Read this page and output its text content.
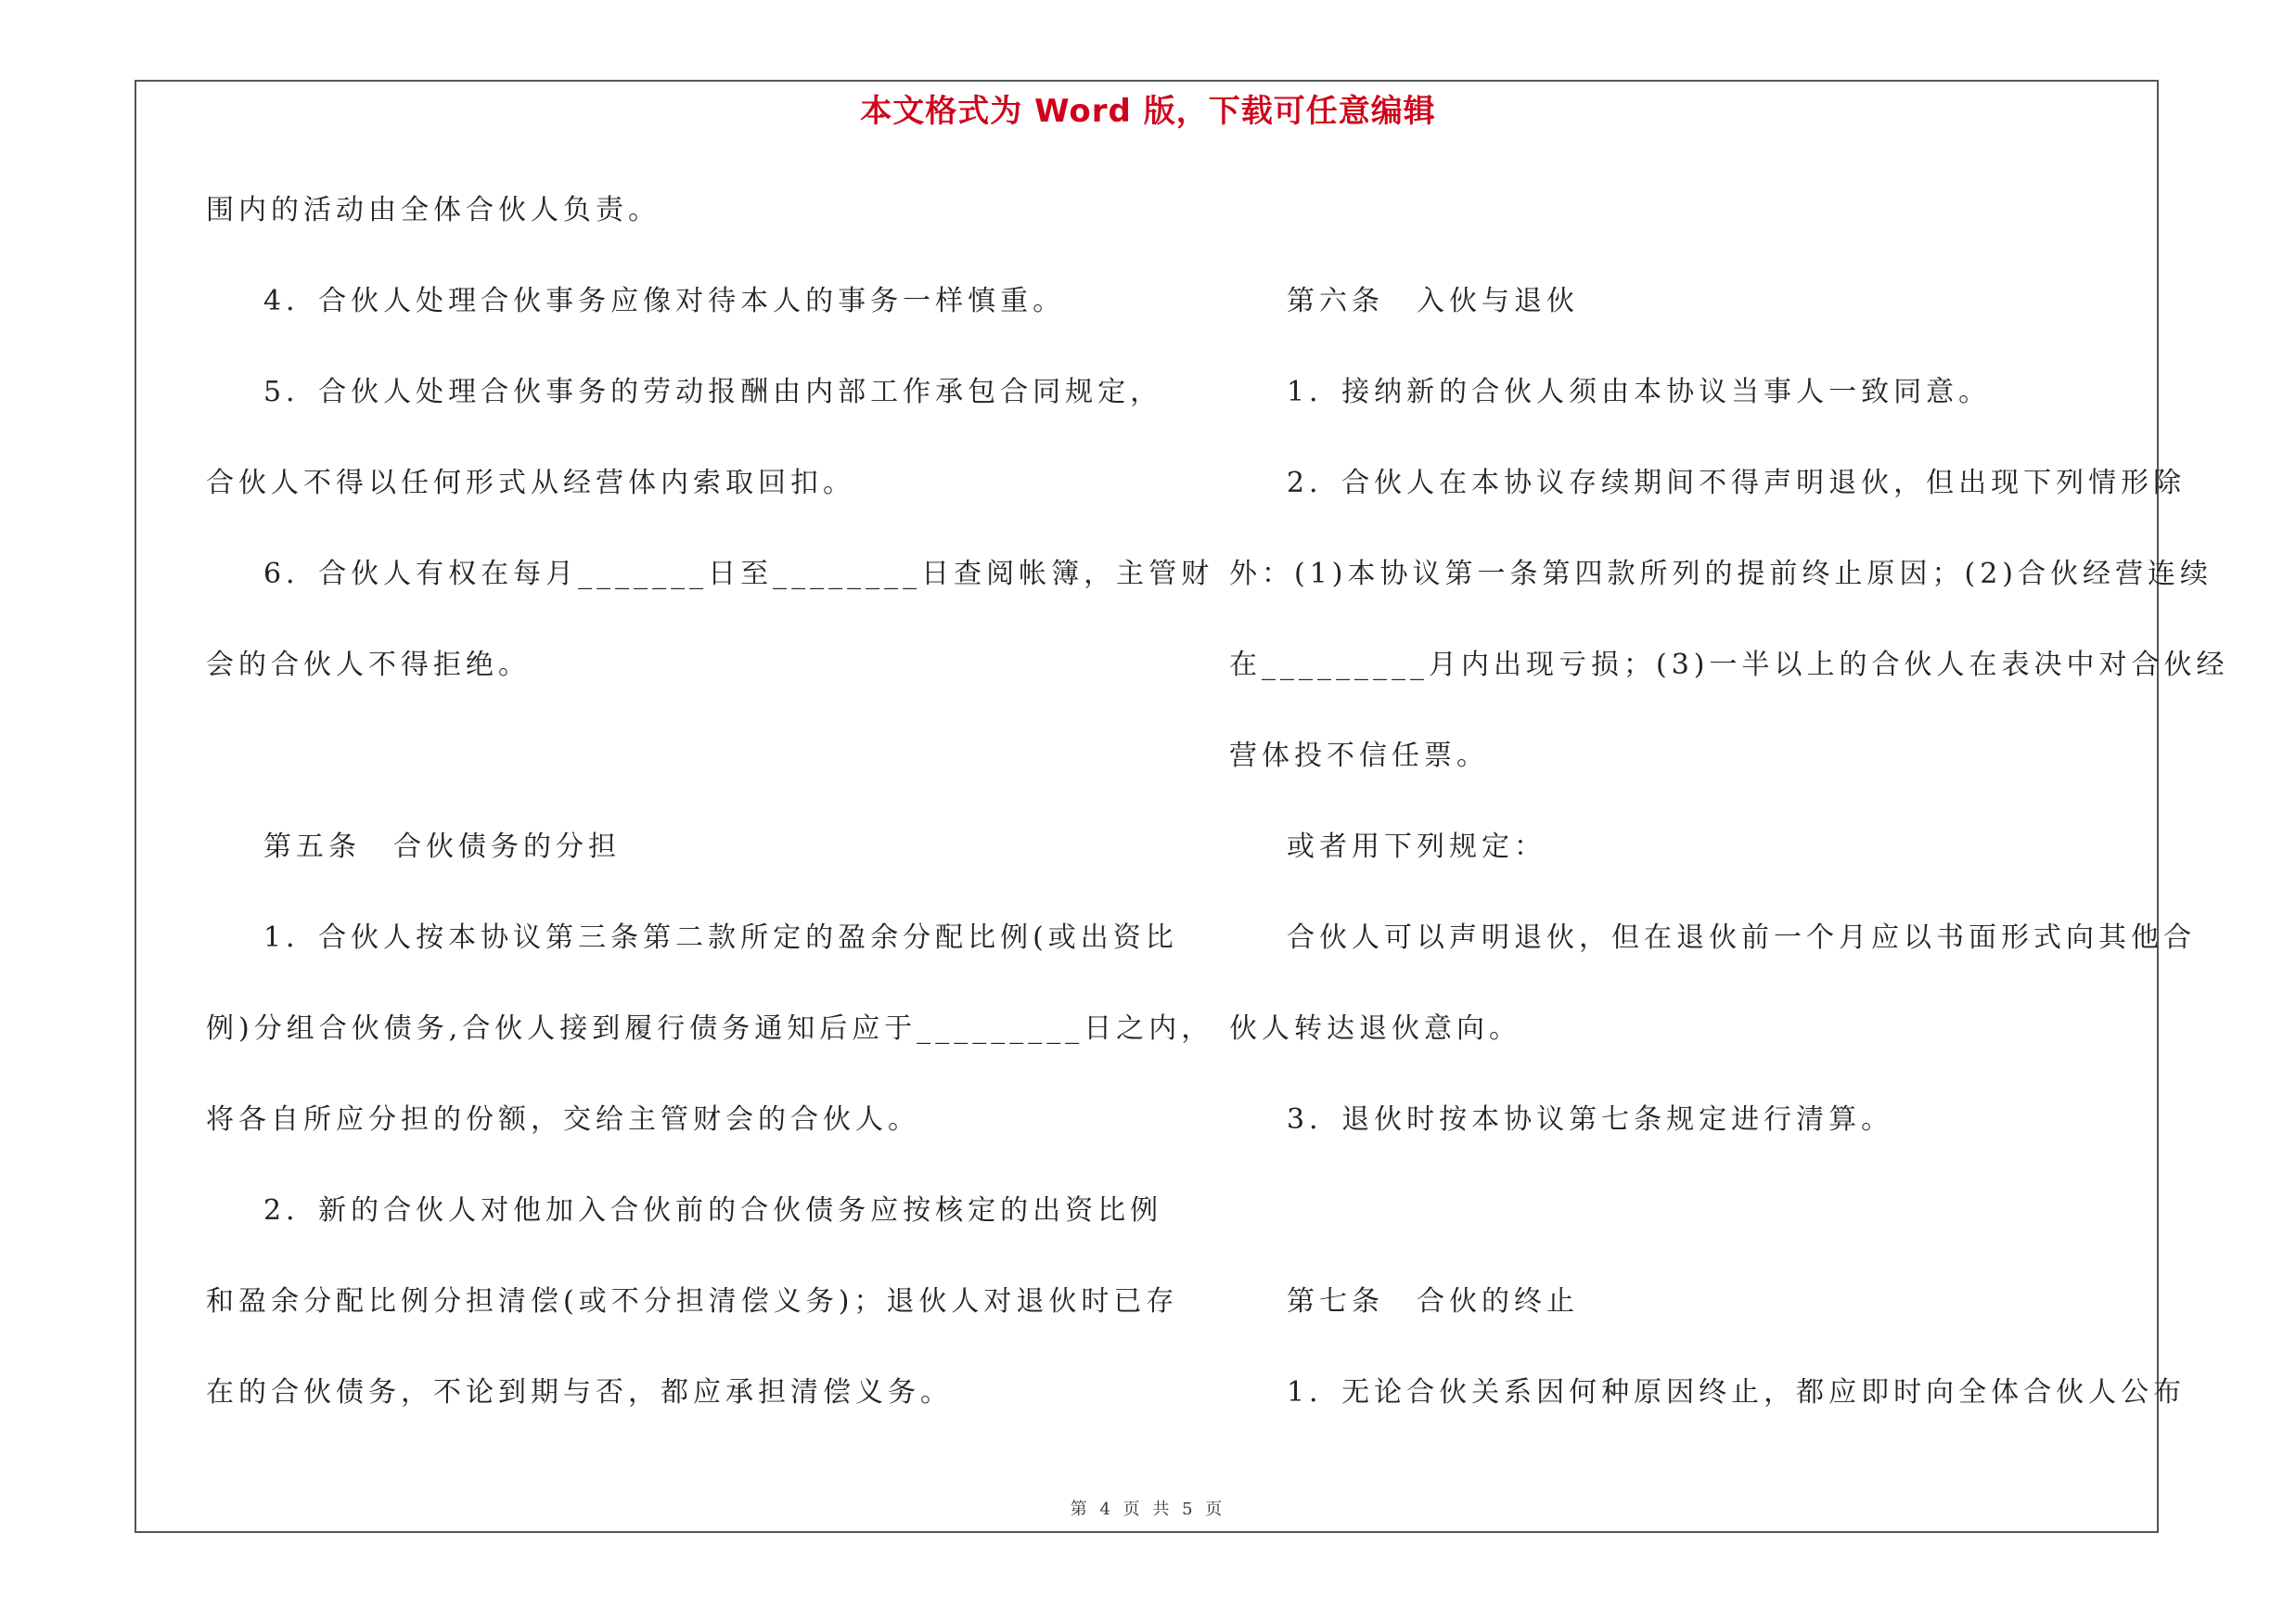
本文格式为 Word 版，下载可任意编辑
围内的活动由全体合伙人负责。
4．合伙人处理合伙事务应像对待本人的事务一样慎重。
5．合伙人处理合伙事务的劳动报酬由内部工作承包合同规定，
合伙人不得以任何形式从经营体内索取回扣。
6．合伙人有权在每月_______日至________日查阅帐簿，主管财
会的合伙人不得拒绝。
第五条　合伙债务的分担
1．合伙人按本协议第三条第二款所定的盈余分配比例(或出资比
例)分组合伙债务,合伙人接到履行债务通知后应于_________日之内，
将各自所应分担的份额，交给主管财会的合伙人。
2．新的合伙人对他加入合伙前的合伙债务应按核定的出资比例
和盈余分配比例分担清偿(或不分担清偿义务)；退伙人对退伙时已存
在的合伙债务，不论到期与否，都应承担清偿义务。
第六条　入伙与退伙
1．接纳新的合伙人须由本协议当事人一致同意。
2．合伙人在本协议存续期间不得声明退伙，但出现下列情形除
外：(1)本协议第一条第四款所列的提前终止原因；(2)合伙经营连续
在_________月内出现亏损；(3)一半以上的合伙人在表决中对合伙经
营体投不信任票。
或者用下列规定：
合伙人可以声明退伙，但在退伙前一个月应以书面形式向其他合
伙人转达退伙意向。
3．退伙时按本协议第七条规定进行清算。
第七条　合伙的终止
1．无论合伙关系因何种原因终止，都应即时向全体合伙人公布
第 4 页 共 5 页
